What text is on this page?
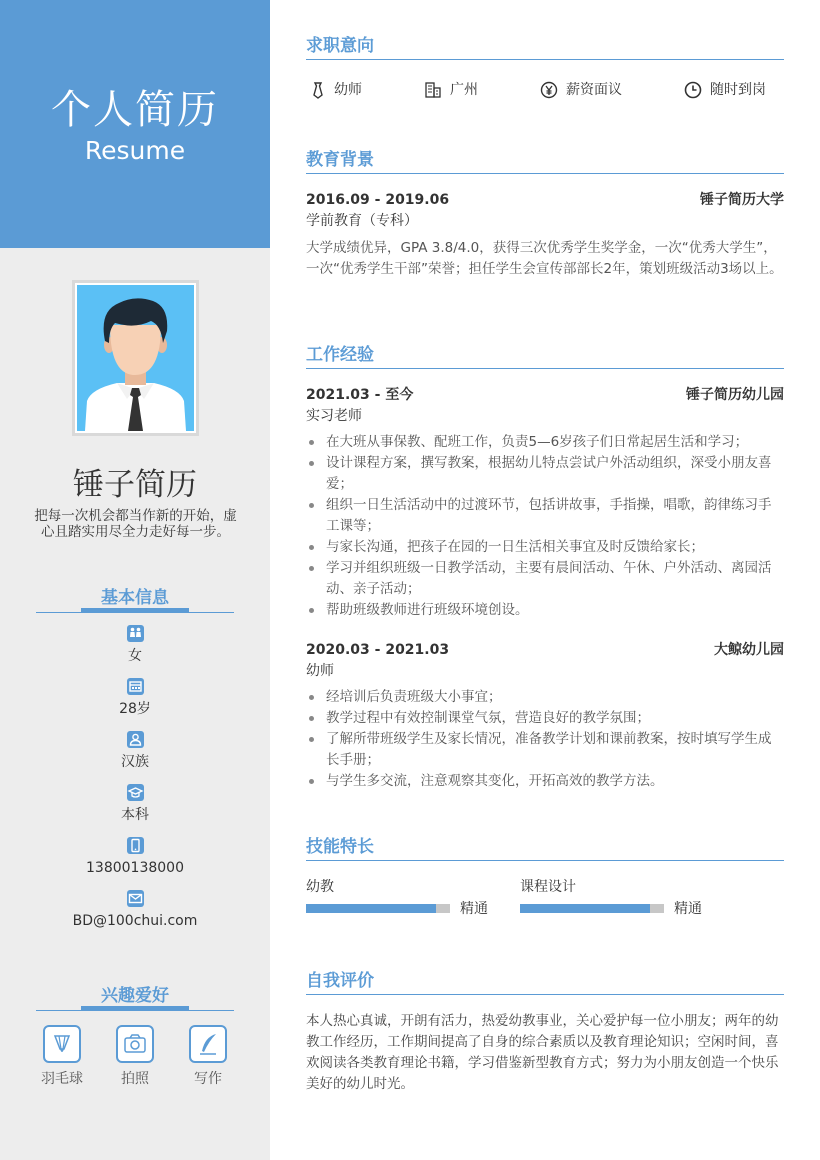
个人简历
Resume
锤子简历
把每一次机会都当作新的开始，虚心且踏实用尽全力走好每一步。
基本信息
女
28岁
汉族
本科
13800138000
BD@100chui.com
兴趣爱好
羽毛球	拍照	写作
求职意向
幼师	广州	薪资面议	随时到岗
教育背景
2016.09 - 2019.06	锤子简历大学
学前教育（专科）
大学成绩优异，GPA 3.8/4.0，获得三次优秀学生奖学金，一次“优秀大学生”，一次“优秀学生干部”荣誉；担任学生会宣传部部长2年，策划班级活动3场以上。
工作经验
2021.03 - 至今	锤子简历幼儿园
实习老师
在大班从事保教、配班工作，负责5—6岁孩子们日常起居生活和学习；
设计课程方案，撰写教案，根据幼儿特点尝试户外活动组织，深受小朋友喜爱；
组织一日生活活动中的过渡环节，包括讲故事，手指操，唱歌，韵律练习手工课等；
与家长沟通，把孩子在园的一日生活相关事宜及时反馈给家长；
学习并组织班级一日教学活动，主要有晨间活动、午休、户外活动、离园活动、亲子活动；
帮助班级教师进行班级环境创设。
2020.03 - 2021.03	大鲸幼儿园
幼师
经培训后负责班级大小事宜；
教学过程中有效控制课堂气氛，营造良好的教学氛围；
了解所带班级学生及家长情况，准备教学计划和课前教案，按时填写学生成长手册；
与学生多交流，注意观察其变化，开拓高效的教学方法。
技能特长
幼教
精通
课程设计
精通
自我评价
本人热心真诚，开朗有活力，热爱幼教事业，关心爱护每一位小朋友；两年的幼教工作经历，工作期间提高了自身的综合素质以及教育理论知识；空闲时间，喜欢阅读各类教育理论书籍，学习借鉴新型教育方式；努力为小朋友创造一个快乐美好的幼儿时光。
